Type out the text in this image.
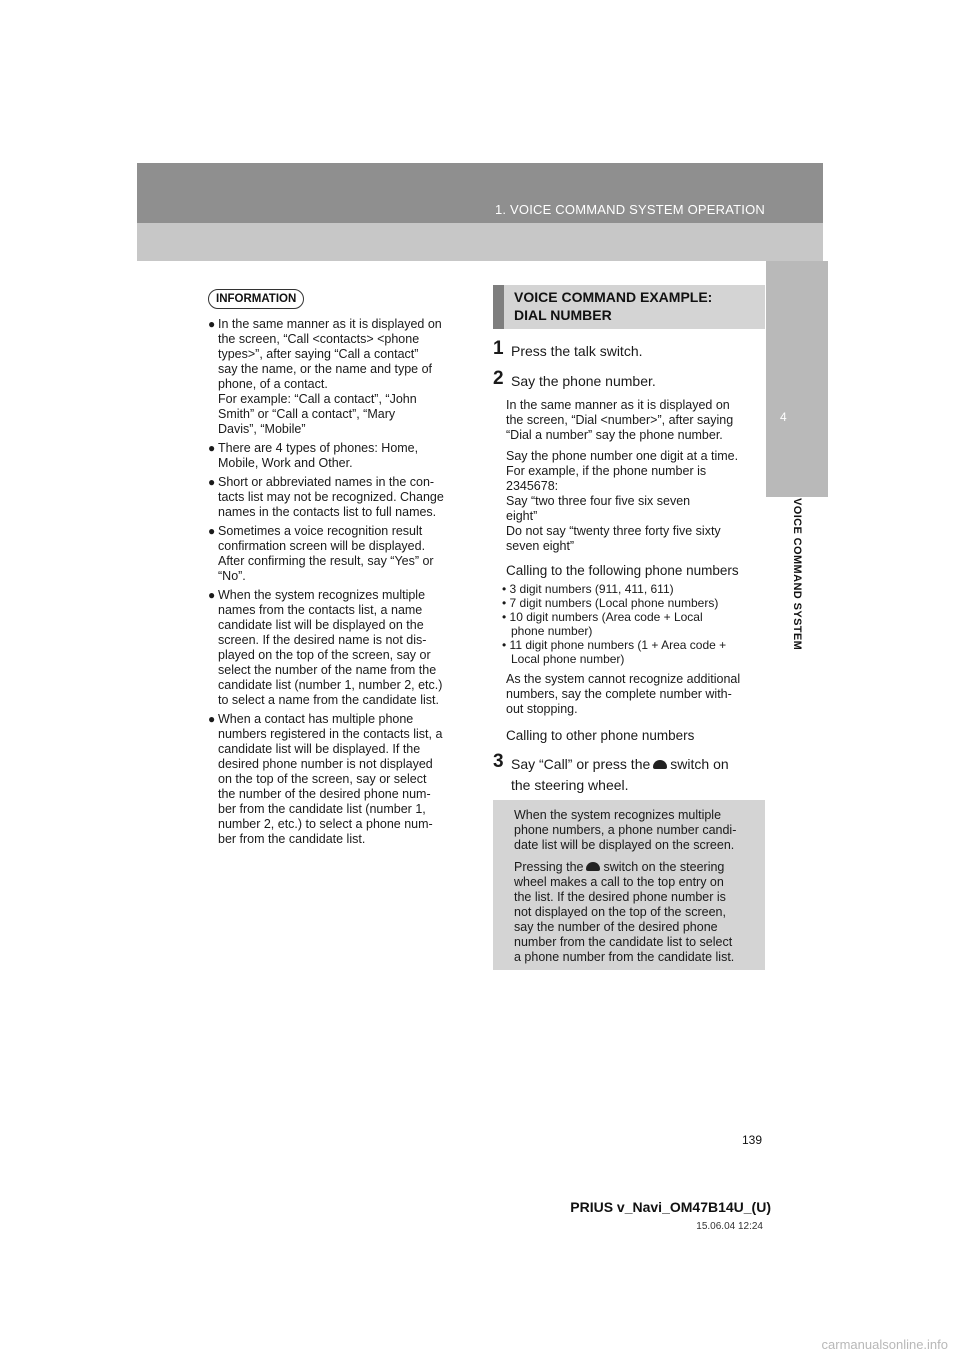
1. VOICE COMMAND SYSTEM OPERATION
4
VOICE COMMAND SYSTEM
INFORMATION
● In the same manner as it is displayed on
the screen, “Call <contacts> <phone
types>”, after saying “Call a contact”
say the name, or the name and type of
phone, of a contact.
For example: “Call a contact”, “John
Smith” or “Call a contact”, “Mary
Davis”, “Mobile”
● There are 4 types of phones: Home,
Mobile, Work and Other.
● Short or abbreviated names in the con-
tacts list may not be recognized. Change
names in the contacts list to full names.
● Sometimes a voice recognition result
confirmation screen will be displayed.
After confirming the result, say “Yes” or
“No”.
● When the system recognizes multiple
names from the contacts list, a name
candidate list will be displayed on the
screen. If the desired name is not dis-
played on the top of the screen, say or
select the number of the name from the
candidate list (number 1, number 2, etc.)
to select a name from the candidate list.
● When a contact has multiple phone
numbers registered in the contacts list, a
candidate list will be displayed. If the
desired phone number is not displayed
on the top of the screen, say or select
the number of the desired phone num-
ber from the candidate list (number 1,
number 2, etc.) to select a phone num-
ber from the candidate list.
VOICE COMMAND EXAMPLE:
DIAL NUMBER
1 Press the talk switch.
2 Say the phone number.
In the same manner as it is displayed on
the screen, “Dial <number>”, after saying
“Dial a number” say the phone number.
Say the phone number one digit at a time.
For example, if the phone number is
2345678:
Say “two three four five six seven
eight”
Do not say “twenty three forty five sixty
seven eight”
Calling to the following phone numbers
• 3 digit numbers (911, 411, 611)
• 7 digit numbers (Local phone numbers)
• 10 digit numbers (Area code + Local
phone number)
• 11 digit phone numbers (1 + Area code +
Local phone number)
As the system cannot recognize additional
numbers, say the complete number with-
out stopping.
Calling to other phone numbers
3 Say “Call” or press the switch on
the steering wheel.
When the system recognizes multiple
phone numbers, a phone number candi-
date list will be displayed on the screen.
Pressing the switch on the steering
wheel makes a call to the top entry on
the list. If the desired phone number is
not displayed on the top of the screen,
say the number of the desired phone
number from the candidate list to select
a phone number from the candidate list.
139
PRIUS v_Navi_OM47B14U_(U)
15.06.04 12:24
carmanualsonline.info
